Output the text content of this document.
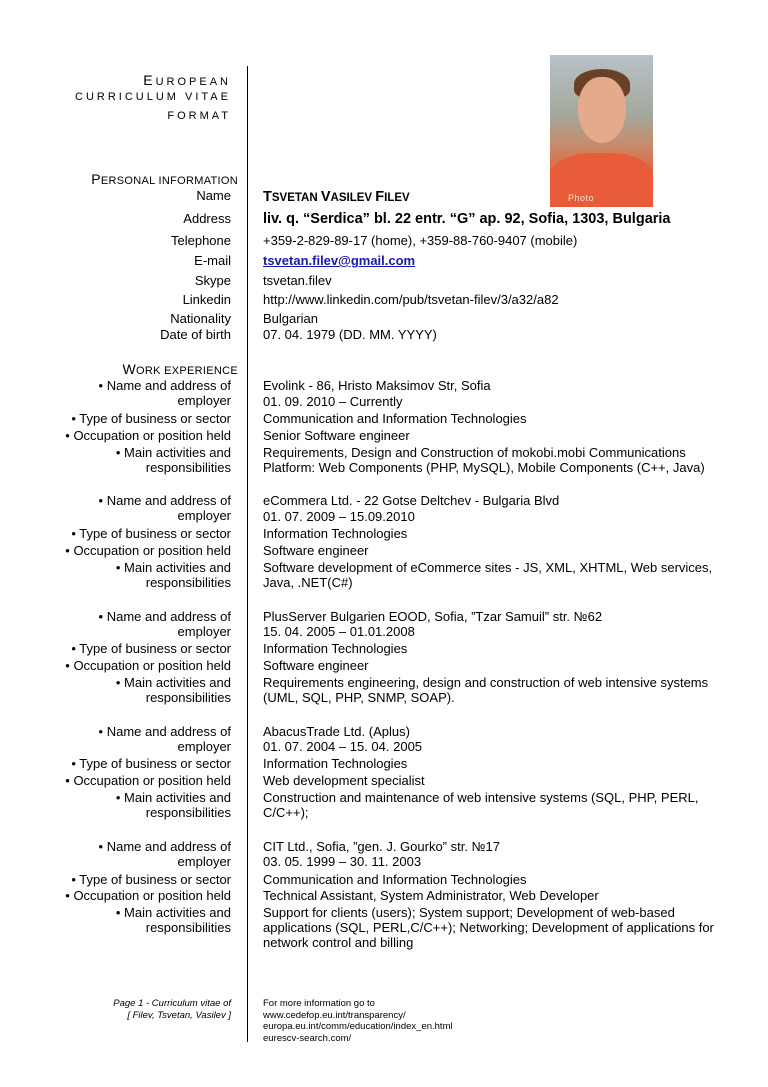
EUROPEAN
CURRICULUM VITAE
FORMAT
Photo
PERSONAL INFORMATION
Name TSVETAN VASILEV FILEV
Address liv. q. “Serdica” bl. 22 entr. “G” ap. 92, Sofia, 1303, Bulgaria
Telephone +359-2-829-89-17 (home), +359-88-760-9407 (mobile)
E-mail tsvetan.filev@gmail.com
Skype tsvetan.filev
Linkedin http://www.linkedin.com/pub/tsvetan-filev/3/a32/a82
Nationality Bulgarian
Date of birth 07. 04. 1979 (DD. MM. YYYY)
WORK EXPERIENCE
• Name and address of
employer
Evolink - 86, Hristo Maksimov Str, Sofia
01. 09. 2010 – Currently
• Type of business or sector Communication and Information Technologies
• Occupation or position held Senior Software engineer
• Main activities and
responsibilities
Requirements, Design and Construction of mokobi.mobi Communications
Platform: Web Components (PHP, MySQL), Mobile Components (C++, Java)
• Name and address of
employer
eCommera Ltd. - 22 Gotse Deltchev - Bulgaria Blvd
01. 07. 2009 – 15.09.2010
• Type of business or sector Information Technologies
• Occupation or position held Software engineer
• Main activities and
responsibilities
Software development of eCommerce sites - JS, XML, XHTML, Web services,
Java, .NET(C#)
• Name and address of
employer
PlusServer Bulgarien EOOD, Sofia, ”Tzar Samuil” str. №62
15. 04. 2005 – 01.01.2008
• Type of business or sector Information Technologies
• Occupation or position held Software engineer
• Main activities and
responsibilities
Requirements engineering, design and construction of web intensive systems
(UML, SQL, PHP, SNMP, SOAP).
• Name and address of
employer
AbacusTrade Ltd. (Aplus)
01. 07. 2004 – 15. 04. 2005
• Type of business or sector Information Technologies
• Occupation or position held Web development specialist
• Main activities and
responsibilities
Construction and maintenance of web intensive systems (SQL, PHP, PERL,
C/C++);
• Name and address of
employer
CIT Ltd., Sofia, ”gen. J. Gourko” str. №17
03. 05. 1999 – 30. 11. 2003
• Type of business or sector Communication and Information Technologies
• Occupation or position held Technical Assistant, System Administrator, Web Developer
• Main activities and
responsibilities
Support for clients (users); System support; Development of web-based
applications (SQL, PERL,C/C++); Networking; Development of applications for
network control and billing
Page 1 - Curriculum vitae of
[ Filev, Tsvetan, Vasilev ]
For more information go to
www.cedefop.eu.int/transparency/
europa.eu.int/comm/education/index_en.html
eurescv-search.com/
